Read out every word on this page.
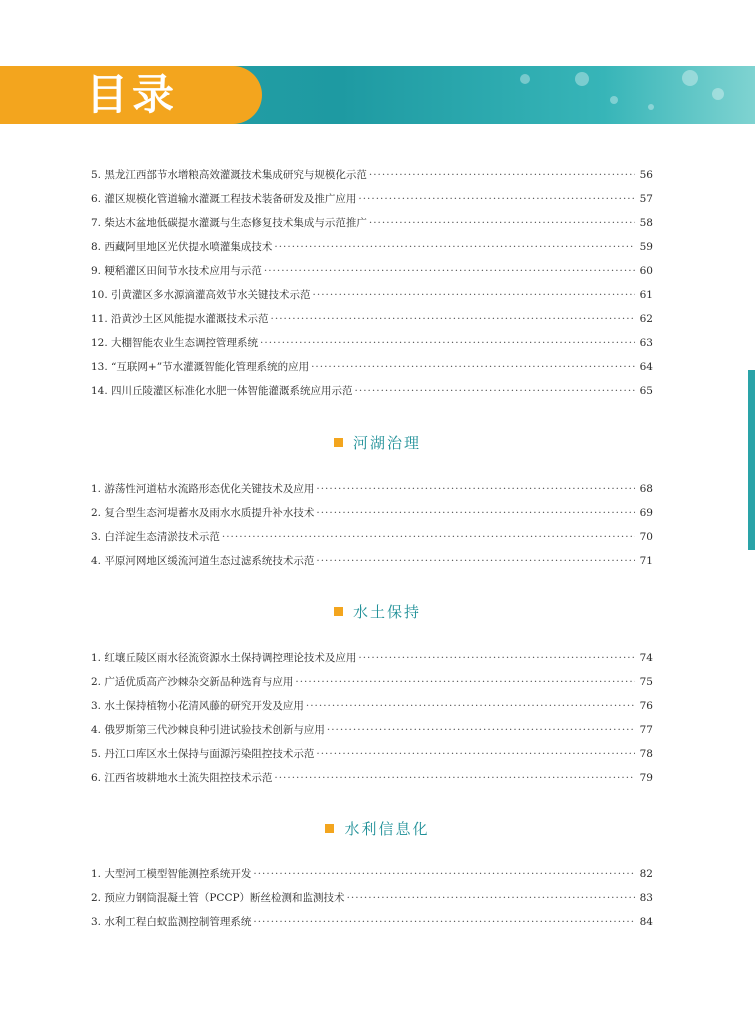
目录
5. 黑龙江西部节水增粮高效灌溉技术集成研究与规模化示范 ·····	56
6. 灌区规模化管道输水灌溉工程技术装备研发及推广应用 ·····	57
7. 柴达木盆地低碳提水灌溉与生态修复技术集成与示范推广 ·····	58
8. 西藏阿里地区光伏提水喷灌集成技术 ·····	59
9. 粳稻灌区田间节水技术应用与示范 ·····	60
10. 引黄灌区多水源滴灌高效节水关键技术示范 ·····	61
11. 沿黄沙土区风能提水灌溉技术示范 ·····	62
12. 大棚智能农业生态调控管理系统 ·····	63
13. “互联网+”节水灌溉智能化管理系统的应用 ·····	64
14. 四川丘陵灌区标准化水肥一体智能灌溉系统应用示范 ·····	65
河湖治理
1. 游荡性河道枯水流路形态优化关键技术及应用 ·····	68
2. 复合型生态河堤蓄水及雨水水质提升补水技术 ·····	69
3. 白洋淀生态清淤技术示范 ·····	70
4. 平原河网地区缓流河道生态过滤系统技术示范 ·····	71
水土保持
1. 红壤丘陵区雨水径流资源水土保持调控理论技术及应用 ·····	74
2. 广适优质高产沙棘杂交新品种选育与应用 ·····	75
3. 水土保持植物小花清风藤的研究开发及应用 ·····	76
4. 俄罗斯第三代沙棘良种引进试验技术创新与应用 ·····	77
5. 丹江口库区水土保持与面源污染阻控技术示范 ·····	78
6. 江西省坡耕地水土流失阻控技术示范 ·····	79
水利信息化
1. 大型河工模型智能测控系统开发 ·····	82
2. 预应力钢筒混凝土管（PCCP）断丝检测和监测技术 ·····	83
3. 水利工程白蚁监测控制管理系统 ·····	84
